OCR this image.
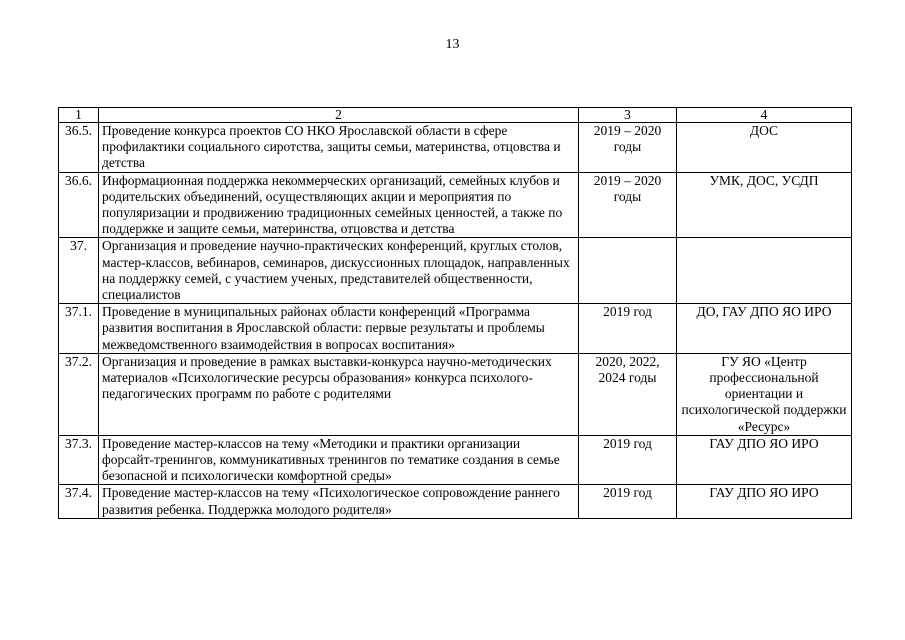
13
1	2	3	4
36.5.	Проведение конкурса проектов СО НКО Ярославской области в сфере профилактики социального сиротства, защиты семьи, материнства, отцовства и детства	2019 – 2020 годы	ДОС
36.6.	Информационная поддержка некоммерческих организаций, семейных клубов и родительских объединений, осуществляющих акции и мероприятия по популяризации и продвижению традиционных семейных ценностей, а также по поддержке и защите семьи, материнства, отцовства и детства	2019 – 2020 годы	УМК, ДОС, УСДП
37.	Организация и проведение научно-практических конференций, круглых столов, мастер-классов, вебинаров, семинаров, дискуссионных площадок, направленных на поддержку семей, с участием ученых, представителей общественности, специалистов		
37.1.	Проведение в муниципальных районах области конференций «Программа развития воспитания в Ярославской области: первые результаты и проблемы межведомственного взаимодействия в вопросах воспитания»	2019 год	ДО, ГАУ ДПО ЯО ИРО
37.2.	Организация и проведение в рамках выставки-конкурса научно-методических материалов «Психологические ресурсы образования» конкурса психолого-педагогических программ по работе с родителями	2020, 2022, 2024 годы	ГУ ЯО «Центр профессиональной ориентации и психологической поддержки «Ресурс»
37.3.	Проведение мастер-классов на тему «Методики и практики организации форсайт-тренингов, коммуникативных тренингов по тематике создания в семье безопасной и психологически комфортной среды»	2019 год	ГАУ ДПО ЯО ИРО
37.4.	Проведение мастер-классов на тему «Психологическое сопровождение раннего развития ребенка. Поддержка молодого родителя»	2019 год	ГАУ ДПО ЯО ИРО
